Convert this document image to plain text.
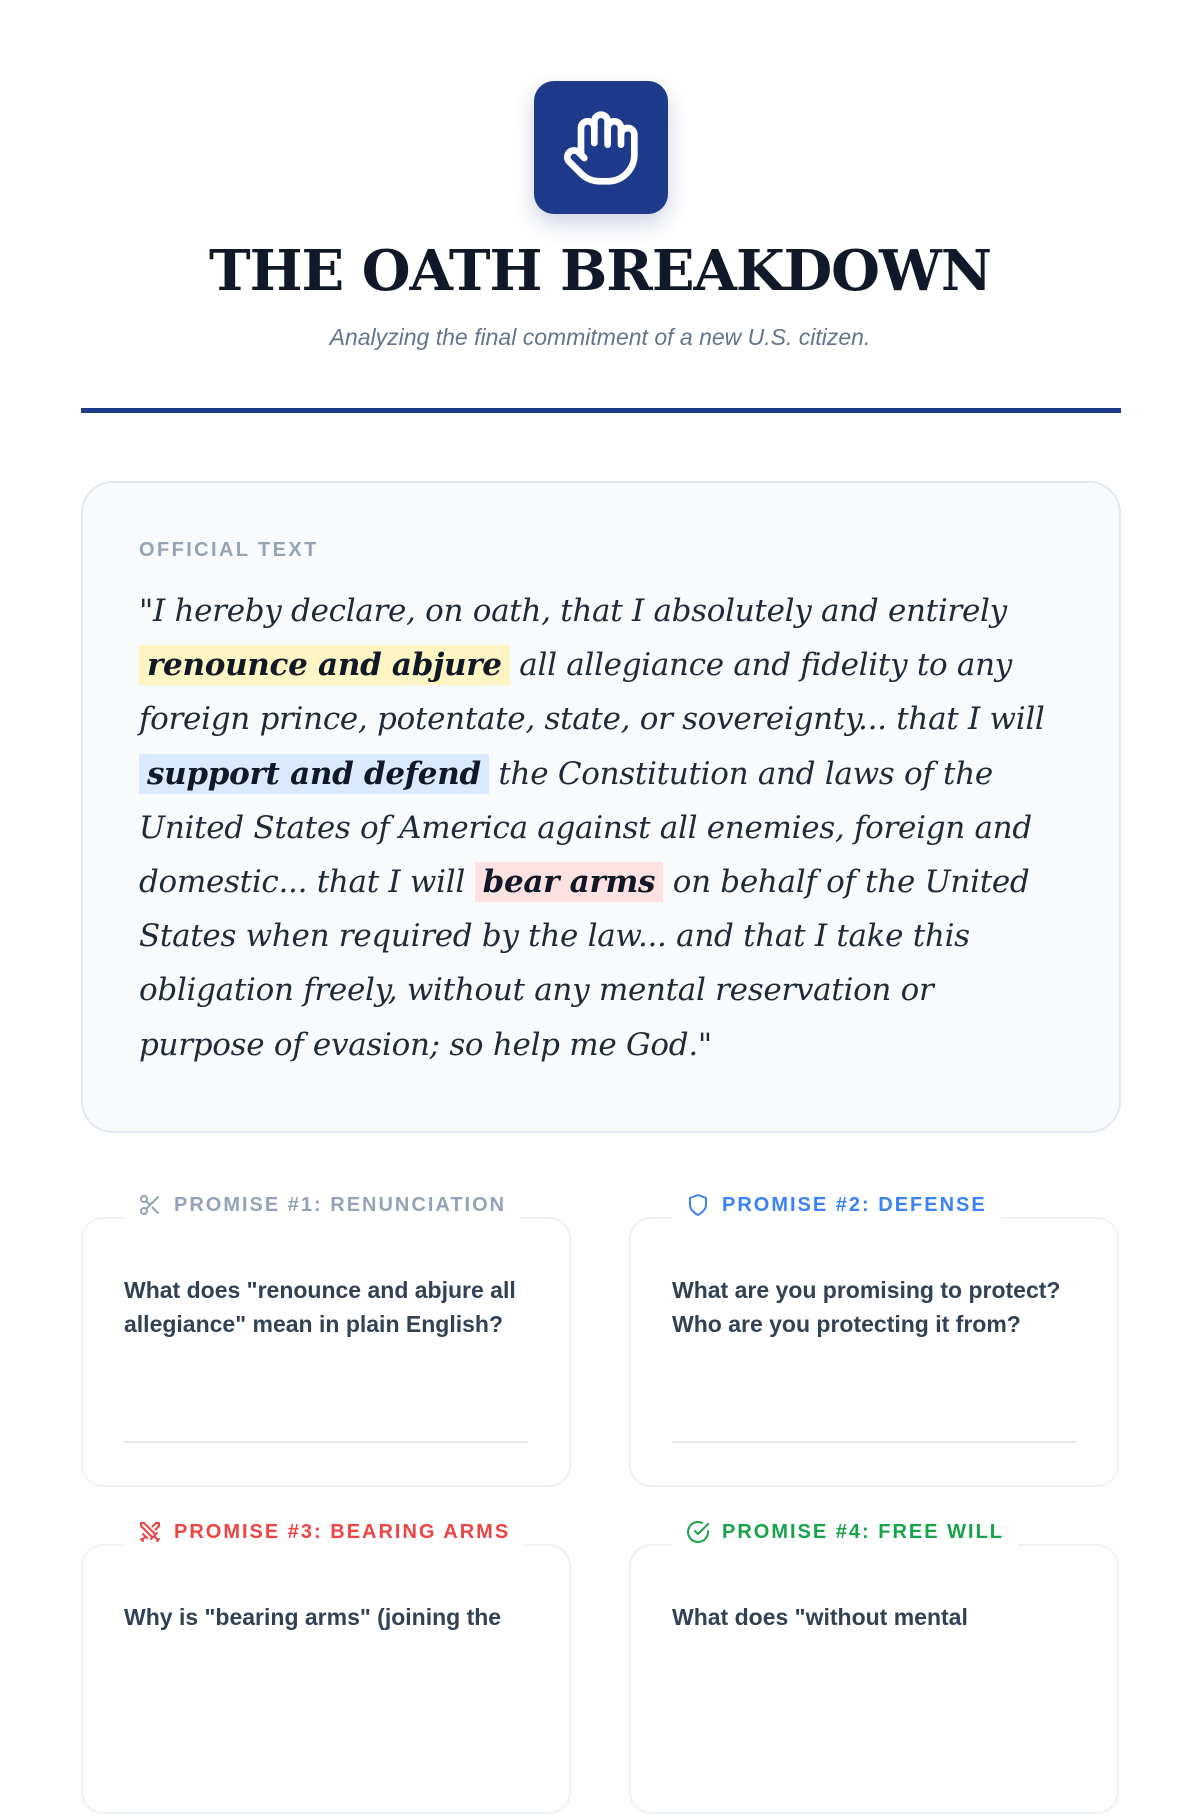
THE OATH BREAKDOWN

Analyzing the final commitment of a new U.S. citizen.

OFFICIAL TEXT

"I hereby declare, on oath, that I absolutely and entirely renounce and abjure all allegiance and fidelity to any foreign prince, potentate, state, or sovereignty... that I will support and defend the Constitution and laws of the United States of America against all enemies, foreign and domestic... that I will bear arms on behalf of the United States when required by the law... and that I take this obligation freely, without any mental reservation or purpose of evasion; so help me God."

What does "renounce and abjure all allegiance" mean in plain English?

PROMISE #1: RENUNCIATION

What are you promising to protect? Who are you protecting it from?

PROMISE #2: DEFENSE

Why is "bearing arms" (joining the

PROMISE #3: BEARING ARMS

What does "without mental

PROMISE #4: FREE WILL
